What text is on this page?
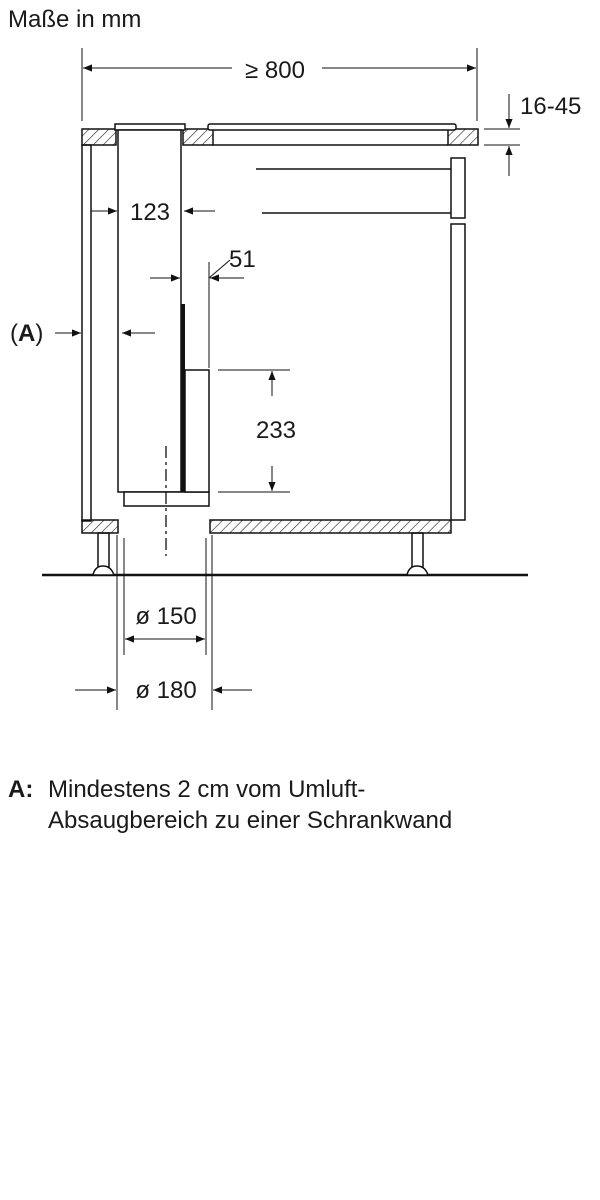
Maße in mm
≥ 800
16-45
123
51
233
(A)
ø 150
ø 180
A: Mindestens 2 cm vom Umluft-
Absaugbereich zu einer Schrankwand
